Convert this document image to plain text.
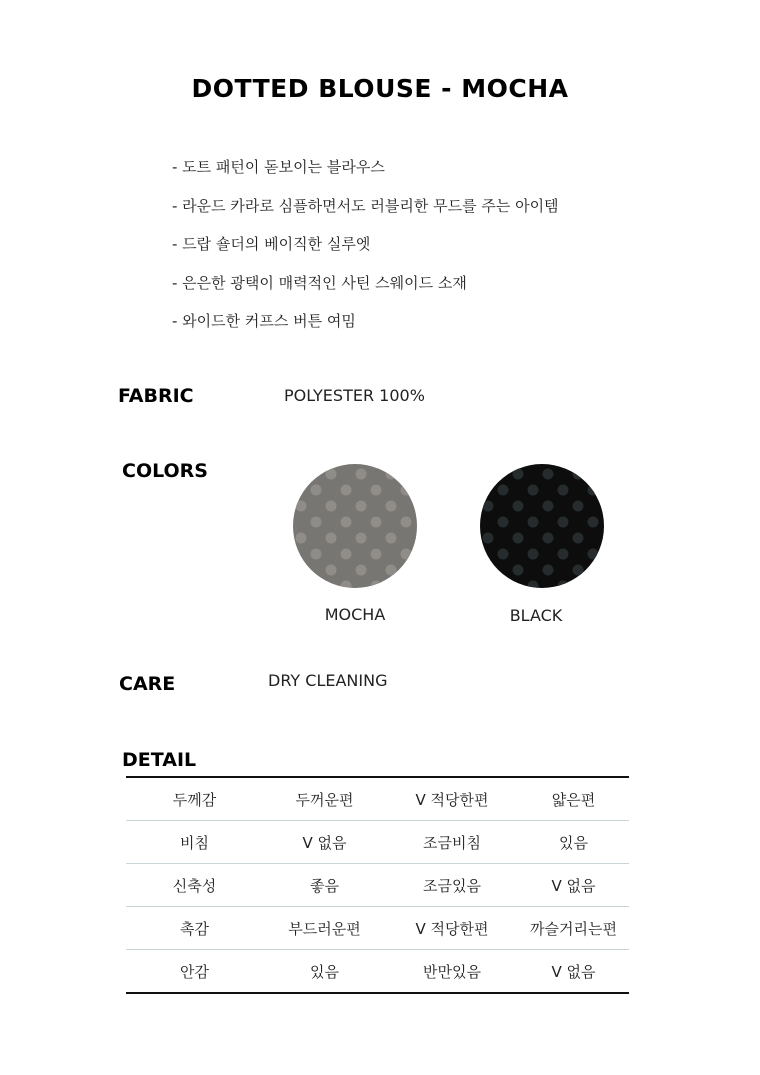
DOTTED BLOUSE - MOCHA
- 도트 패턴이 돋보이는 블라우스
- 라운드 카라로 심플하면서도 러블리한 무드를 주는 아이템
- 드랍 숄더의 베이직한 실루엣
- 은은한 광택이 매력적인 사틴 스웨이드 소재
- 와이드한 커프스 버튼 여밈
FABRIC	POLYESTER 100%
COLORS
MOCHA	BLACK
CARE	DRY CLEANING
DETAIL
두께감	두꺼운편	V 적당한편	얇은편
비침	V 없음	조금비침	있음
신축성	좋음	조금있음	V 없음
촉감	부드러운편	V 적당한편	까슬거리는편
안감	있음	반만있음	V 없음
